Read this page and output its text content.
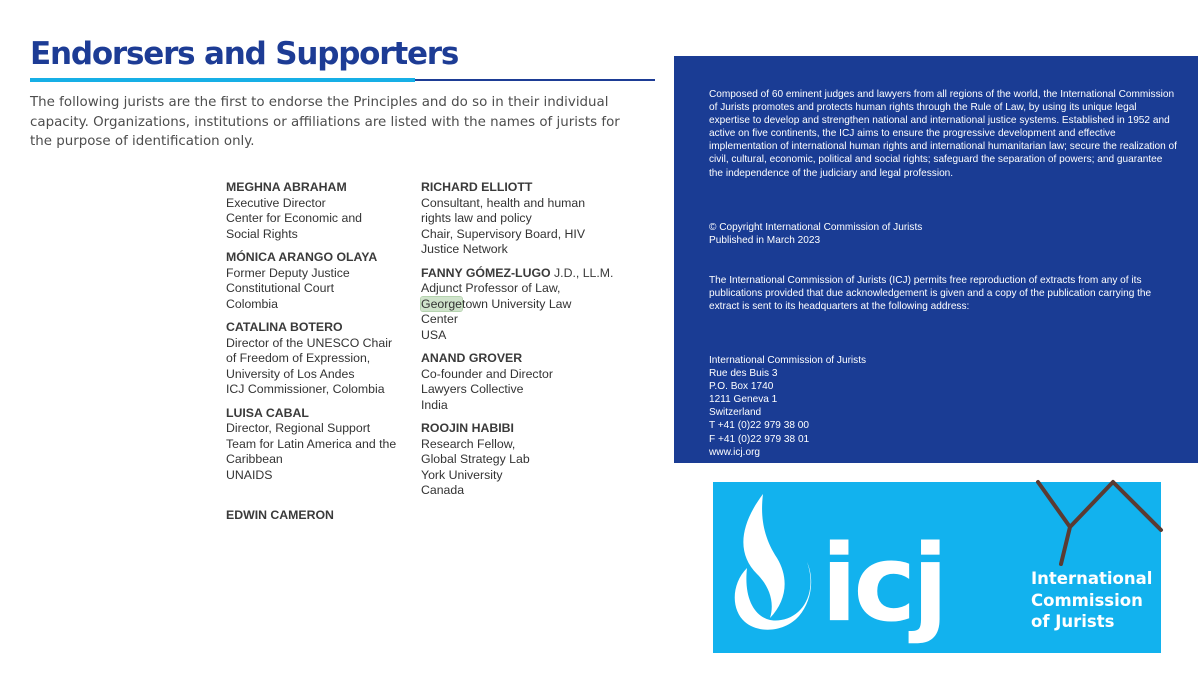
Endorsers and Supporters

The following jurists are the first to endorse the Principles and do so in their individual capacity. Organizations, institutions or affiliations are listed with the names of jurists for the purpose of identification only.

MEGHNA ABRAHAM
Executive Director
Center for Economic and
Social Rights
MÓNICA ARANGO OLAYA
Former Deputy Justice
Constitutional Court
Colombia
CATALINA BOTERO
Director of the UNESCO Chair
of Freedom of Expression,
University of Los Andes
ICJ Commissioner, Colombia
LUISA CABAL
Director, Regional Support
Team for Latin America and the
Caribbean
UNAIDS
RICHARD ELLIOTT
Consultant, health and human
rights law and policy
Chair, Supervisory Board, HIV
Justice Network
FANNY GÓMEZ-LUGO J.D., LL.M.
Adjunct Professor of Law,
Georgetown University Law
Center
USA
ANAND GROVER
Co-founder and Director
Lawyers Collective
India
ROOJIN HABIBI
Research Fellow,
Global Strategy Lab
York University
Canada
EDWIN CAMERON

Composed of 60 eminent judges and lawyers from all regions of the world, the International Commission of Jurists promotes and protects human rights through the Rule of Law, by using its unique legal expertise to develop and strengthen national and international justice systems. Established in 1952 and active on five continents, the ICJ aims to ensure the progressive development and effective implementation of international human rights and international humanitarian law; secure the realization of civil, cultural, economic, political and social rights; safeguard the separation of powers; and guarantee the independence of the judiciary and legal profession.

© Copyright International Commission of Jurists

Published in March 2023

The International Commission of Jurists (ICJ) permits free reproduction of extracts from any of its publications provided that due acknowledgement is given and a copy of the publication carrying the extract is sent to its headquarters at the following address:

International Commission of Jurists

Rue des Buis 3

P.O. Box 1740

1211 Geneva 1

Switzerland

T +41 (0)22 979 38 00

F +41 (0)22 979 38 01

www.icj.org

icj	International
Commission
of Jurists
